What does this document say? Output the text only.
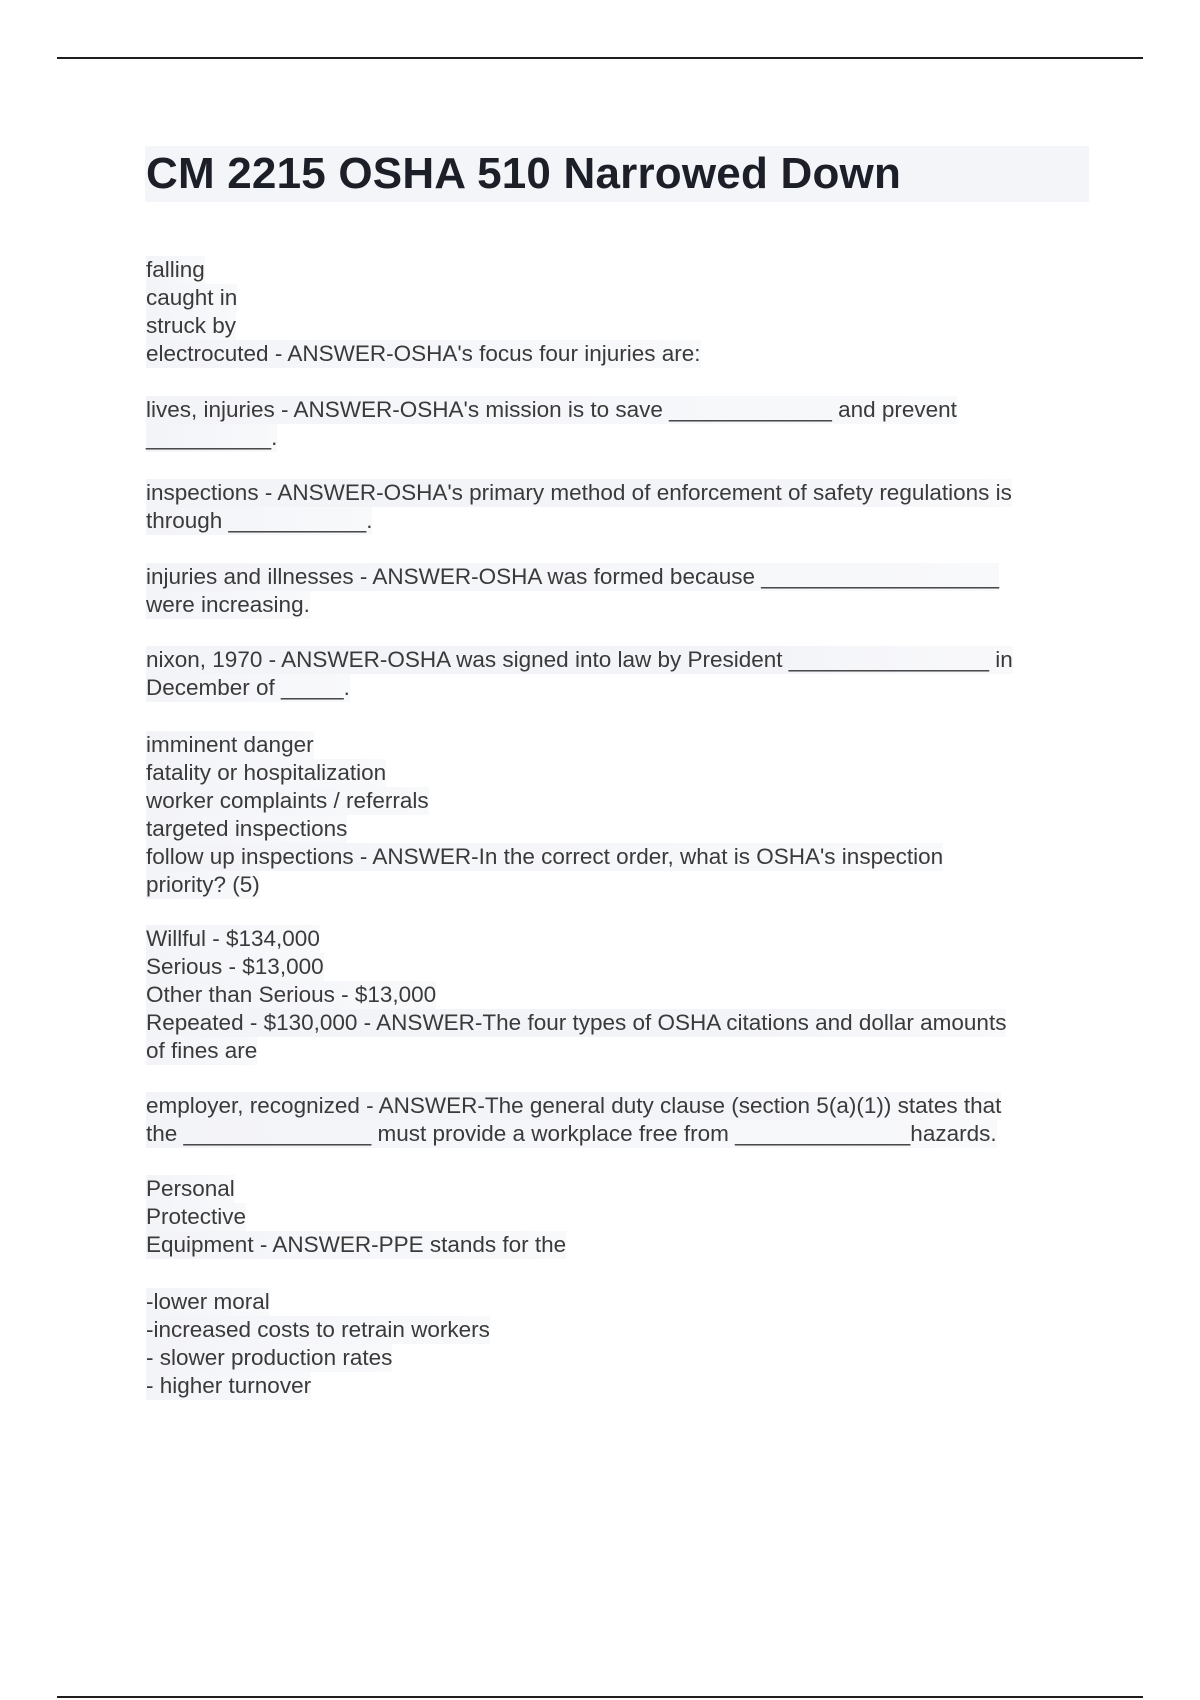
CM 2215 OSHA 510 Narrowed Down
falling
caught in
struck by
electrocuted - ANSWER-OSHA's focus four injuries are:
lives, injuries - ANSWER-OSHA's mission is to save _____________ and prevent
__________.
inspections - ANSWER-OSHA's primary method of enforcement of safety regulations is
through ___________.
injuries and illnesses - ANSWER-OSHA was formed because ___________________
were increasing.
nixon, 1970 - ANSWER-OSHA was signed into law by President ________________ in
December of _____.
imminent danger
fatality or hospitalization
worker complaints / referrals
targeted inspections
follow up inspections - ANSWER-In the correct order, what is OSHA's inspection
priority? (5)
Willful - $134,000
Serious - $13,000
Other than Serious - $13,000
Repeated - $130,000 - ANSWER-The four types of OSHA citations and dollar amounts
of fines are
employer, recognized - ANSWER-The general duty clause (section 5(a)(1)) states that
the _______________ must provide a workplace free from ______________hazards.
Personal
Protective
Equipment - ANSWER-PPE stands for the
-lower moral
-increased costs to retrain workers
- slower production rates
- higher turnover
